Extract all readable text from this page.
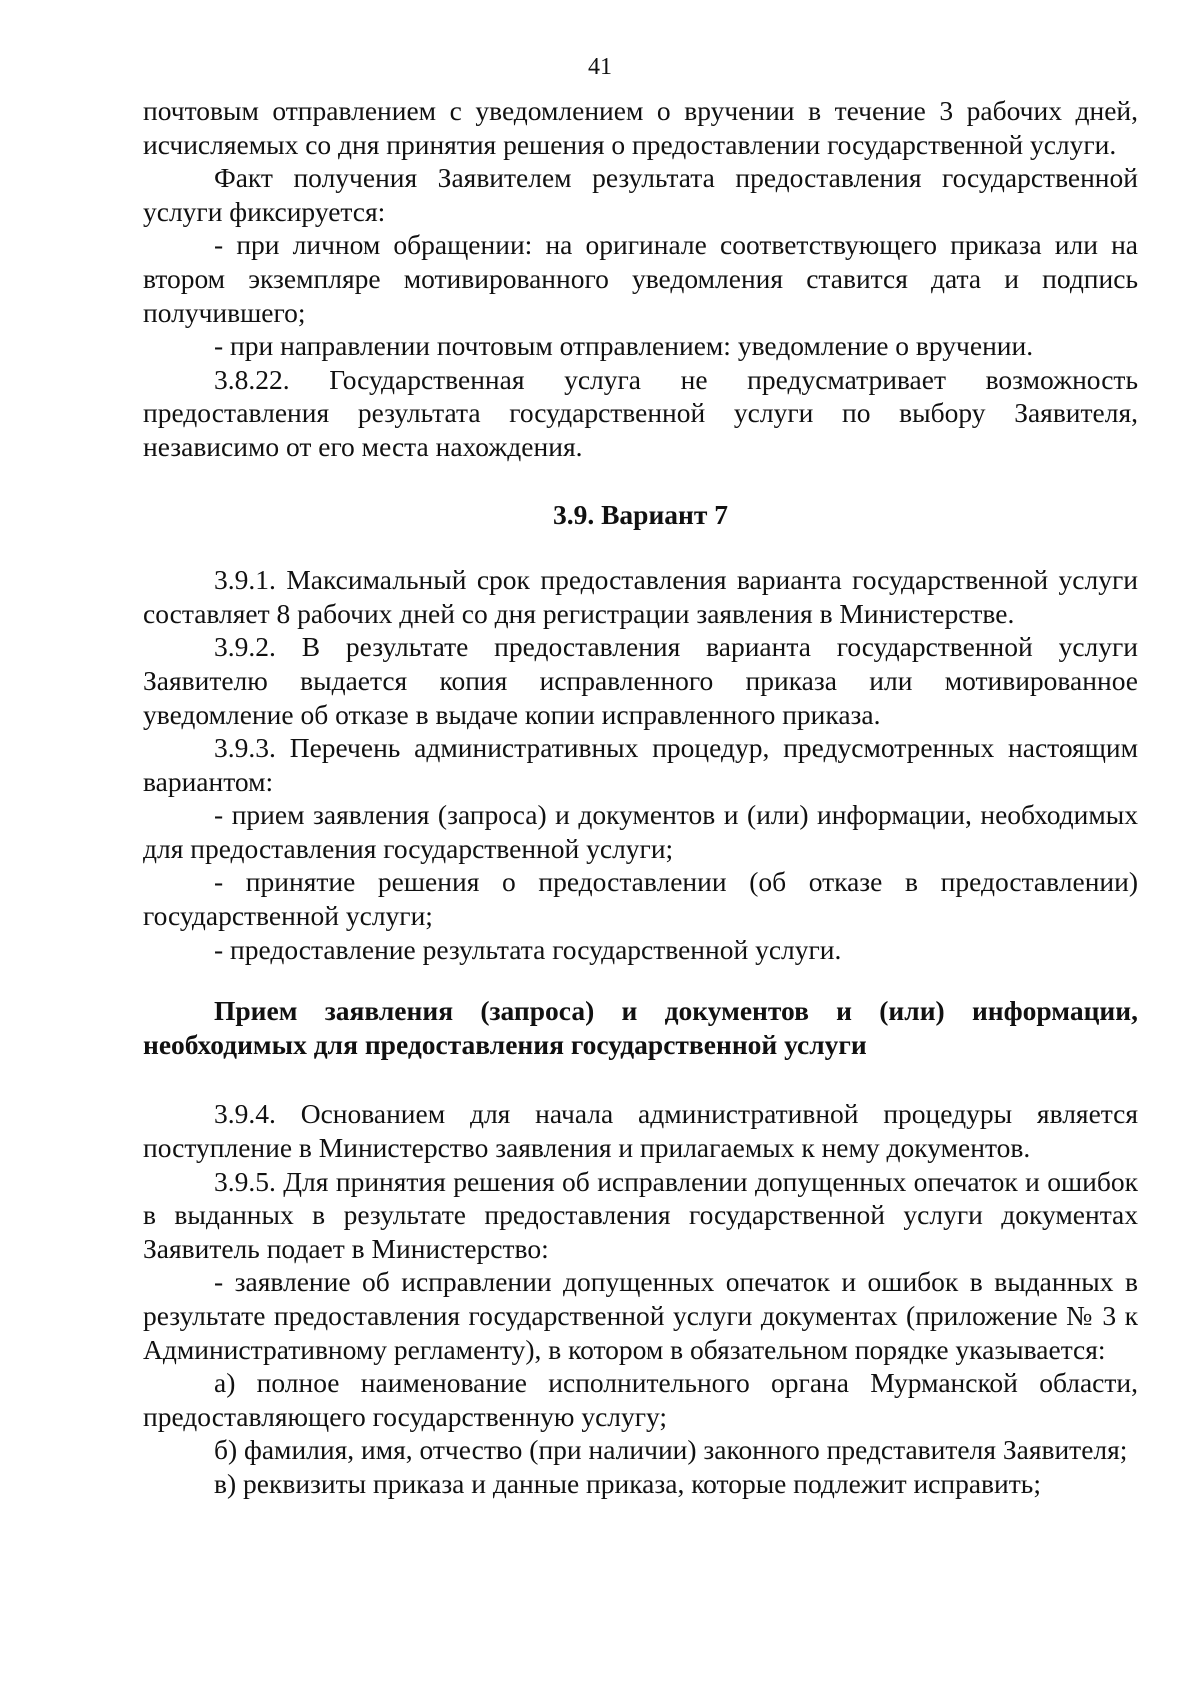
41

почтовым отправлением с уведомлением о вручении в течение 3 рабочих дней, исчисляемых со дня принятия решения о предоставлении государственной услуги.

Факт получения Заявителем результата предоставления государственной услуги фиксируется:

- при личном обращении: на оригинале соответствующего приказа или на втором экземпляре мотивированного уведомления ставится дата и подпись получившего;

- при направлении почтовым отправлением: уведомление о вручении.

3.8.22. Государственная услуга не предусматривает возможность предоставления результата государственной услуги по выбору Заявителя, независимо от его места нахождения.

3.9. Вариант 7

3.9.1. Максимальный срок предоставления варианта государственной услуги составляет 8 рабочих дней со дня регистрации заявления в Министерстве.

3.9.2. В результате предоставления варианта государственной услуги Заявителю выдается копия исправленного приказа или мотивированное уведомление об отказе в выдаче копии исправленного приказа.

3.9.3. Перечень административных процедур, предусмотренных настоящим вариантом:

- прием заявления (запроса) и документов и (или) информации, необходимых для предоставления государственной услуги;

- принятие решения о предоставлении (об отказе в предоставлении) государственной услуги;

- предоставление результата государственной услуги.

Прием заявления (запроса) и документов и (или) информации, необходимых для предоставления государственной услуги

3.9.4. Основанием для начала административной процедуры является поступление в Министерство заявления и прилагаемых к нему документов.

3.9.5. Для принятия решения об исправлении допущенных опечаток и ошибок в выданных в результате предоставления государственной услуги документах Заявитель подает в Министерство:

- заявление об исправлении допущенных опечаток и ошибок в выданных в результате предоставления государственной услуги документах (приложение № 3 к Административному регламенту), в котором в обязательном порядке указывается:

а) полное наименование исполнительного органа Мурманской области, предоставляющего государственную услугу;

б) фамилия, имя, отчество (при наличии) законного представителя Заявителя;

в) реквизиты приказа и данные приказа, которые подлежит исправить;
